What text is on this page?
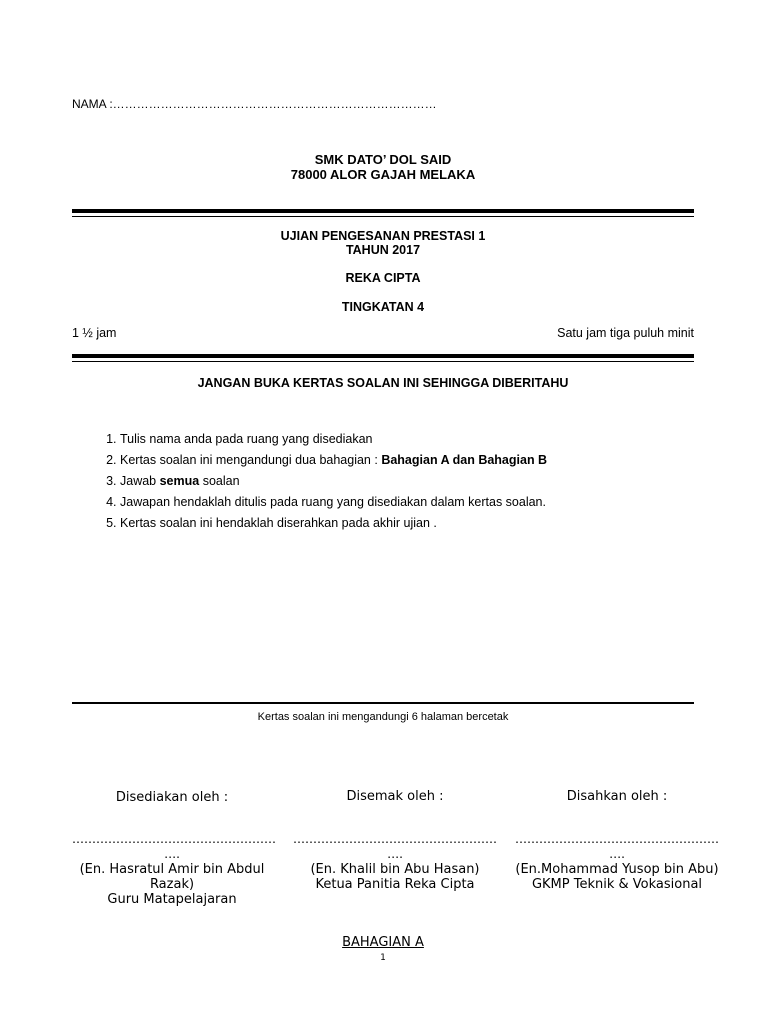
NAMA :………………………………………………………………………
SMK DATO’ DOL SAID
78000 ALOR GAJAH MELAKA
UJIAN PENGESANAN PRESTASI 1
TAHUN 2017
REKA CIPTA
TINGKATAN 4
1 ½ jam	Satu jam tiga puluh minit
JANGAN BUKA KERTAS SOALAN INI SEHINGGA DIBERITAHU
1. Tulis nama anda pada ruang yang disediakan
2. Kertas soalan ini mengandungi dua bahagian : Bahagian A dan Bahagian B
3. Jawab semua soalan
4. Jawapan hendaklah ditulis pada ruang yang disediakan dalam kertas soalan.
5. Kertas soalan ini hendaklah diserahkan pada akhir ujian .
Kertas soalan ini mengandungi 6 halaman bercetak
Disediakan oleh :
……………………………………………
….
(En. Hasratul Amir bin Abdul Razak)
Guru Matapelajaran
Disemak oleh :
……………………………………………
….
(En. Khalil bin Abu Hasan)
Ketua Panitia Reka Cipta
Disahkan oleh :
……………………………………………
….
(En.Mohammad Yusop bin Abu)
GKMP Teknik & Vokasional
BAHAGIAN A
1
